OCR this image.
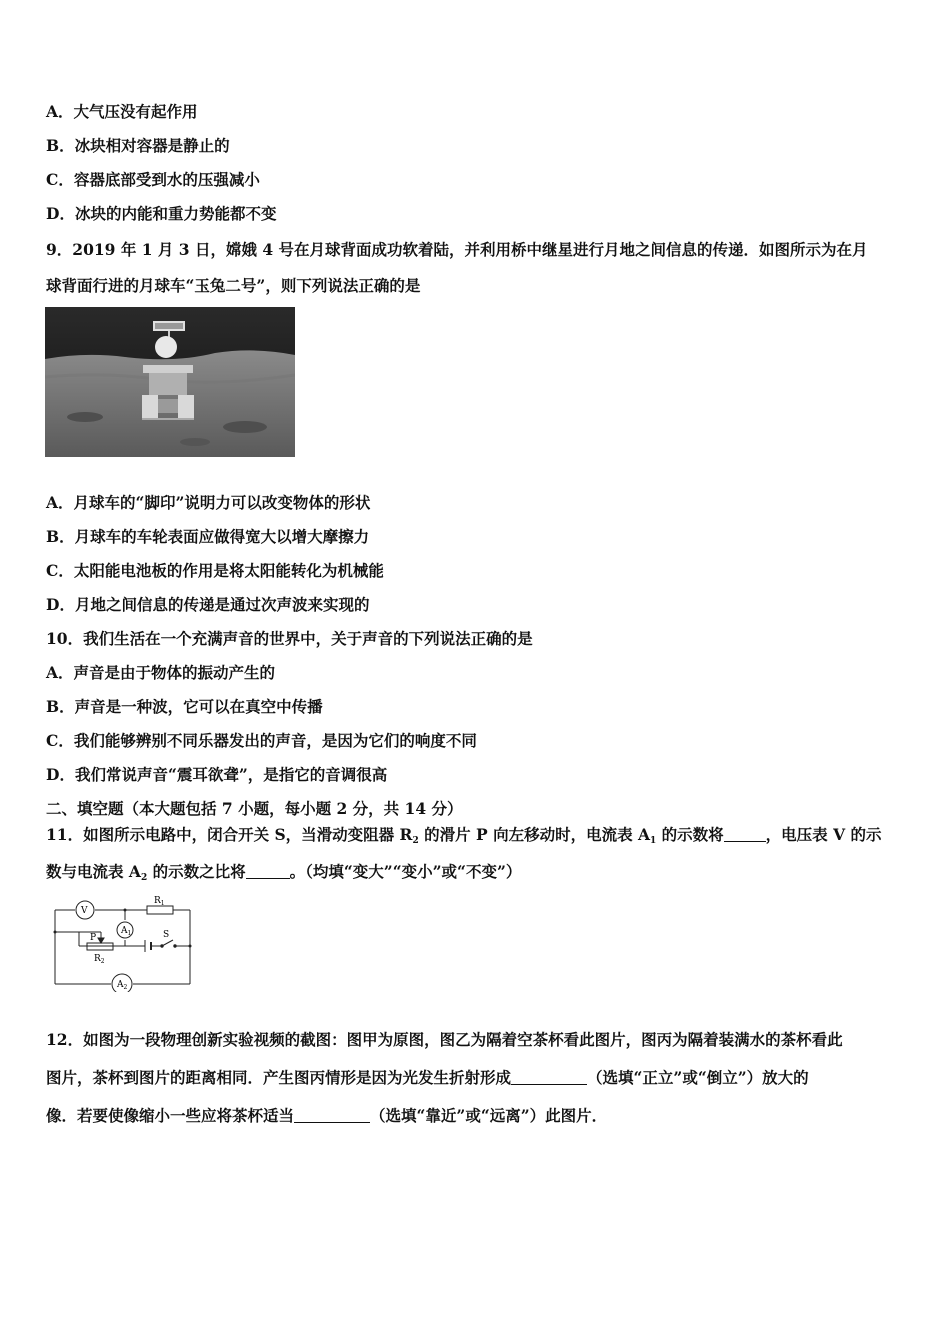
A．大气压没有起作用
B．冰块相对容器是静止的
C．容器底部受到水的压强减小
D．冰块的内能和重力势能都不变
9．2019 年 1 月 3 日，嫦娥 4 号在月球背面成功软着陆，并利用桥中继星进行月地之间信息的传递．如图所示为在月
球背面行进的月球车“玉兔二号”，则下列说法正确的是
A．月球车的“脚印”说明力可以改变物体的形状
B．月球车的车轮表面应做得宽大以增大摩擦力
C．太阳能电池板的作用是将太阳能转化为机械能
D．月地之间信息的传递是通过次声波来实现的
10．我们生活在一个充满声音的世界中，关于声音的下列说法正确的是
A．声音是由于物体的振动产生的
B．声音是一种波，它可以在真空中传播
C．我们能够辨别不同乐器发出的声音，是因为它们的响度不同
D．我们常说声音“震耳欲聋”，是指它的音调很高
二、填空题（本大题包括 7 小题，每小题 2 分，共 14 分）
11．如图所示电路中，闭合开关 S，当滑动变阻器 $R_2$ 的滑片 P 向左移动时，电流表 $A_1$ 的示数将	，电压表 V 的示
数与电流表 $A_2$ 的示数之比将	。（均填“变大”“变小”或“不变”）
V
$R_1$
$A_1$	S
P
$R_2$
$A_2$
12．如图为一段物理创新实验视频的截图：图甲为原图，图乙为隔着空茶杯看此图片，图丙为隔着装满水的茶杯看此
图片，茶杯到图片的距离相同．产生图丙情形是因为光发生折射形成	（选填“正立”或“倒立”）放大的
像．若要使像缩小一些应将茶杯适当	（选填“靠近”或“远离”）此图片．
